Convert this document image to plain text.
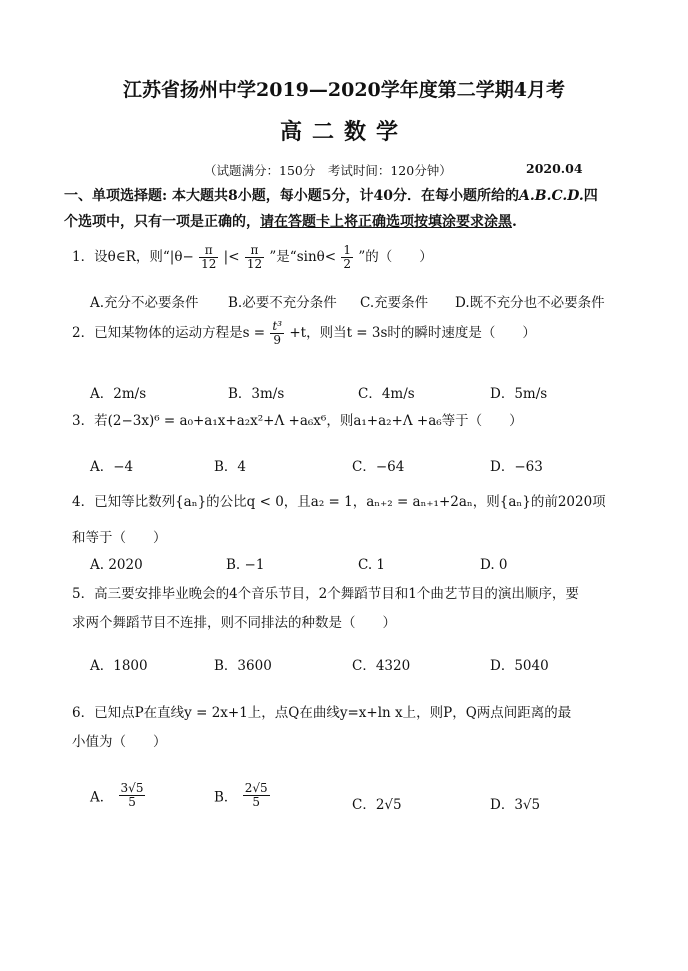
江苏省扬州中学2019—2020学年度第二学期4月考
高二数学
（试题满分：150分　考试时间：120分钟）	2020.04
一、单项选择题: 本大题共8小题，每小题5分，计40分．在每小题所给的A.B.C.D.四
个选项中，只有一项是正确的，请在答题卡上将正确选项按填涂要求涂黑.
1．设θ∈R，则“$|\theta- \frac{\pi}{12}$ |< $\frac{\pi}{12}$ ”是“$\sin\theta< \frac{1}{2}$ ”的（　　）
A.充分不必要条件 B.必要不充分条件 C.充要条件 D.既不充分也不必要条件
2．已知某物体的运动方程是$s = \frac{\text{t³}}{9} +t$，则当t = 3s时的瞬时速度是（　　）
A．2m/s	B．3m/s	C．4m/s	D．5m/s
3．若(2−3x)⁶ = a₀+a₁x+a₂x²+Λ +a₆x⁶，则a₁+a₂+Λ +a₆等于（　　）
A．−4	B．4	C．−64	D．−63
4．已知等比数列{aₙ}的公比q < 0，且a₂ = 1，aₙ₊₂ = aₙ₊₁+2aₙ，则{aₙ}的前2020项
和等于（　　）
A. 2020	B. −1	C. 1	D. 0
5．高三要安排毕业晚会的4个音乐节目，2个舞蹈节目和1个曲艺节目的演出顺序，要
求两个舞蹈节目不连排，则不同排法的种数是（　　）
A．1800	B．3600	C．4320	D．5040
6．已知点P在直线y = 2x+1上，点Q在曲线y=x+ln x上，则P，Q两点间距离的最
小值为（　　）
A． $\frac{3√5}{5}$	B． $\frac{2√5}{5}$	C．2√5	D．3√5
